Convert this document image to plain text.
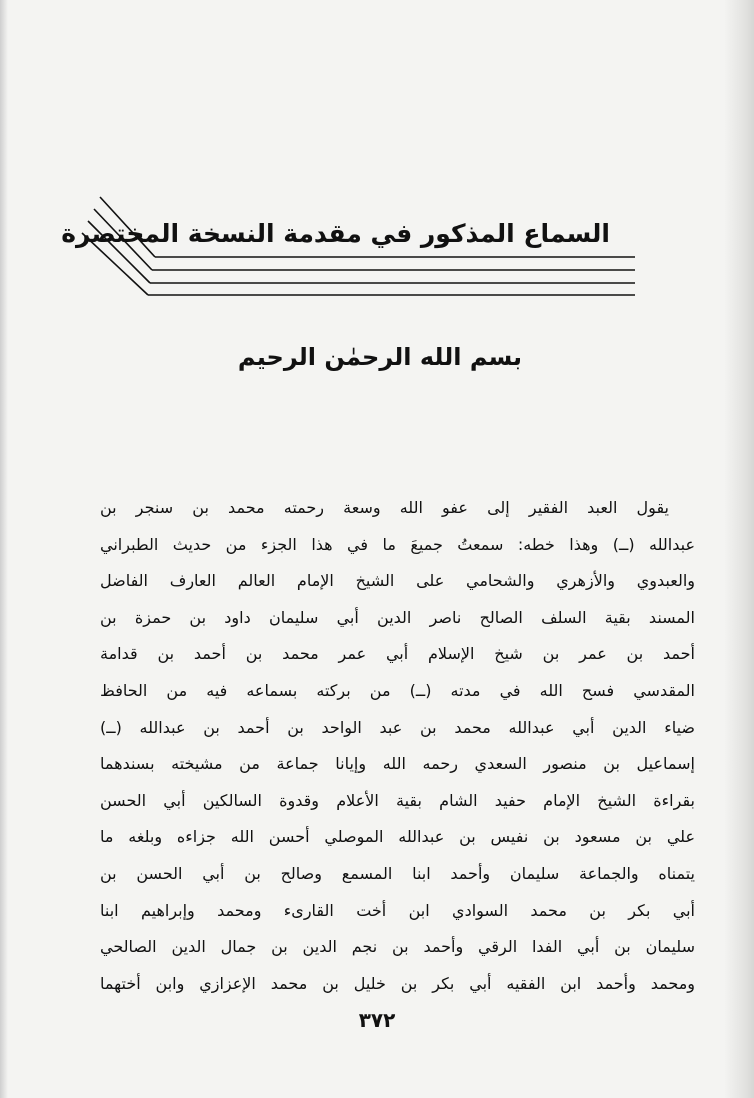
السماع المذكور في مقدمة النسخة المختصرة
بسم الله الرحمٰن الرحيم
يقول العبد الفقير إلى عفو الله وسعة رحمته محمد بن سنجر بن
عبدالله (ــ) وهذا خطه: سمعتُ جميعَ ما في هذا الجزء من حديث الطبراني
والعبدوي والأزهري والشحامي على الشيخ الإمام العالم العارف الفاضل
المسند بقية السلف الصالح ناصر الدين أبي سليمان داود بن حمزة بن
أحمد بن عمر بن شيخ الإسلام أبي عمر محمد بن أحمد بن قدامة
المقدسي فسح الله في مدته (ــ) من بركته بسماعه فيه من الحافظ
ضياء الدين أبي عبدالله محمد بن عبد الواحد بن أحمد بن عبدالله (ــ)
إسماعيل بن منصور السعدي رحمه الله وإيانا جماعة من مشيخته بسندهما
بقراءة الشيخ الإمام حفيد الشام بقية الأعلام وقدوة السالكين أبي الحسن
علي بن مسعود بن نفيس بن عبدالله الموصلي أحسن الله جزاءه وبلغه ما
يتمناه والجماعة سليمان وأحمد ابنا المسمع وصالح بن أبي الحسن بن
أبي بكر بن محمد السوادي ابن أخت القارىء ومحمد وإبراهيم ابنا
سليمان بن أبي الفدا الرقي وأحمد بن نجم الدين بن جمال الدين الصالحي
ومحمد وأحمد ابن الفقيه أبي بكر بن خليل بن محمد الإعزازي وابن أختهما
٣٧٢
